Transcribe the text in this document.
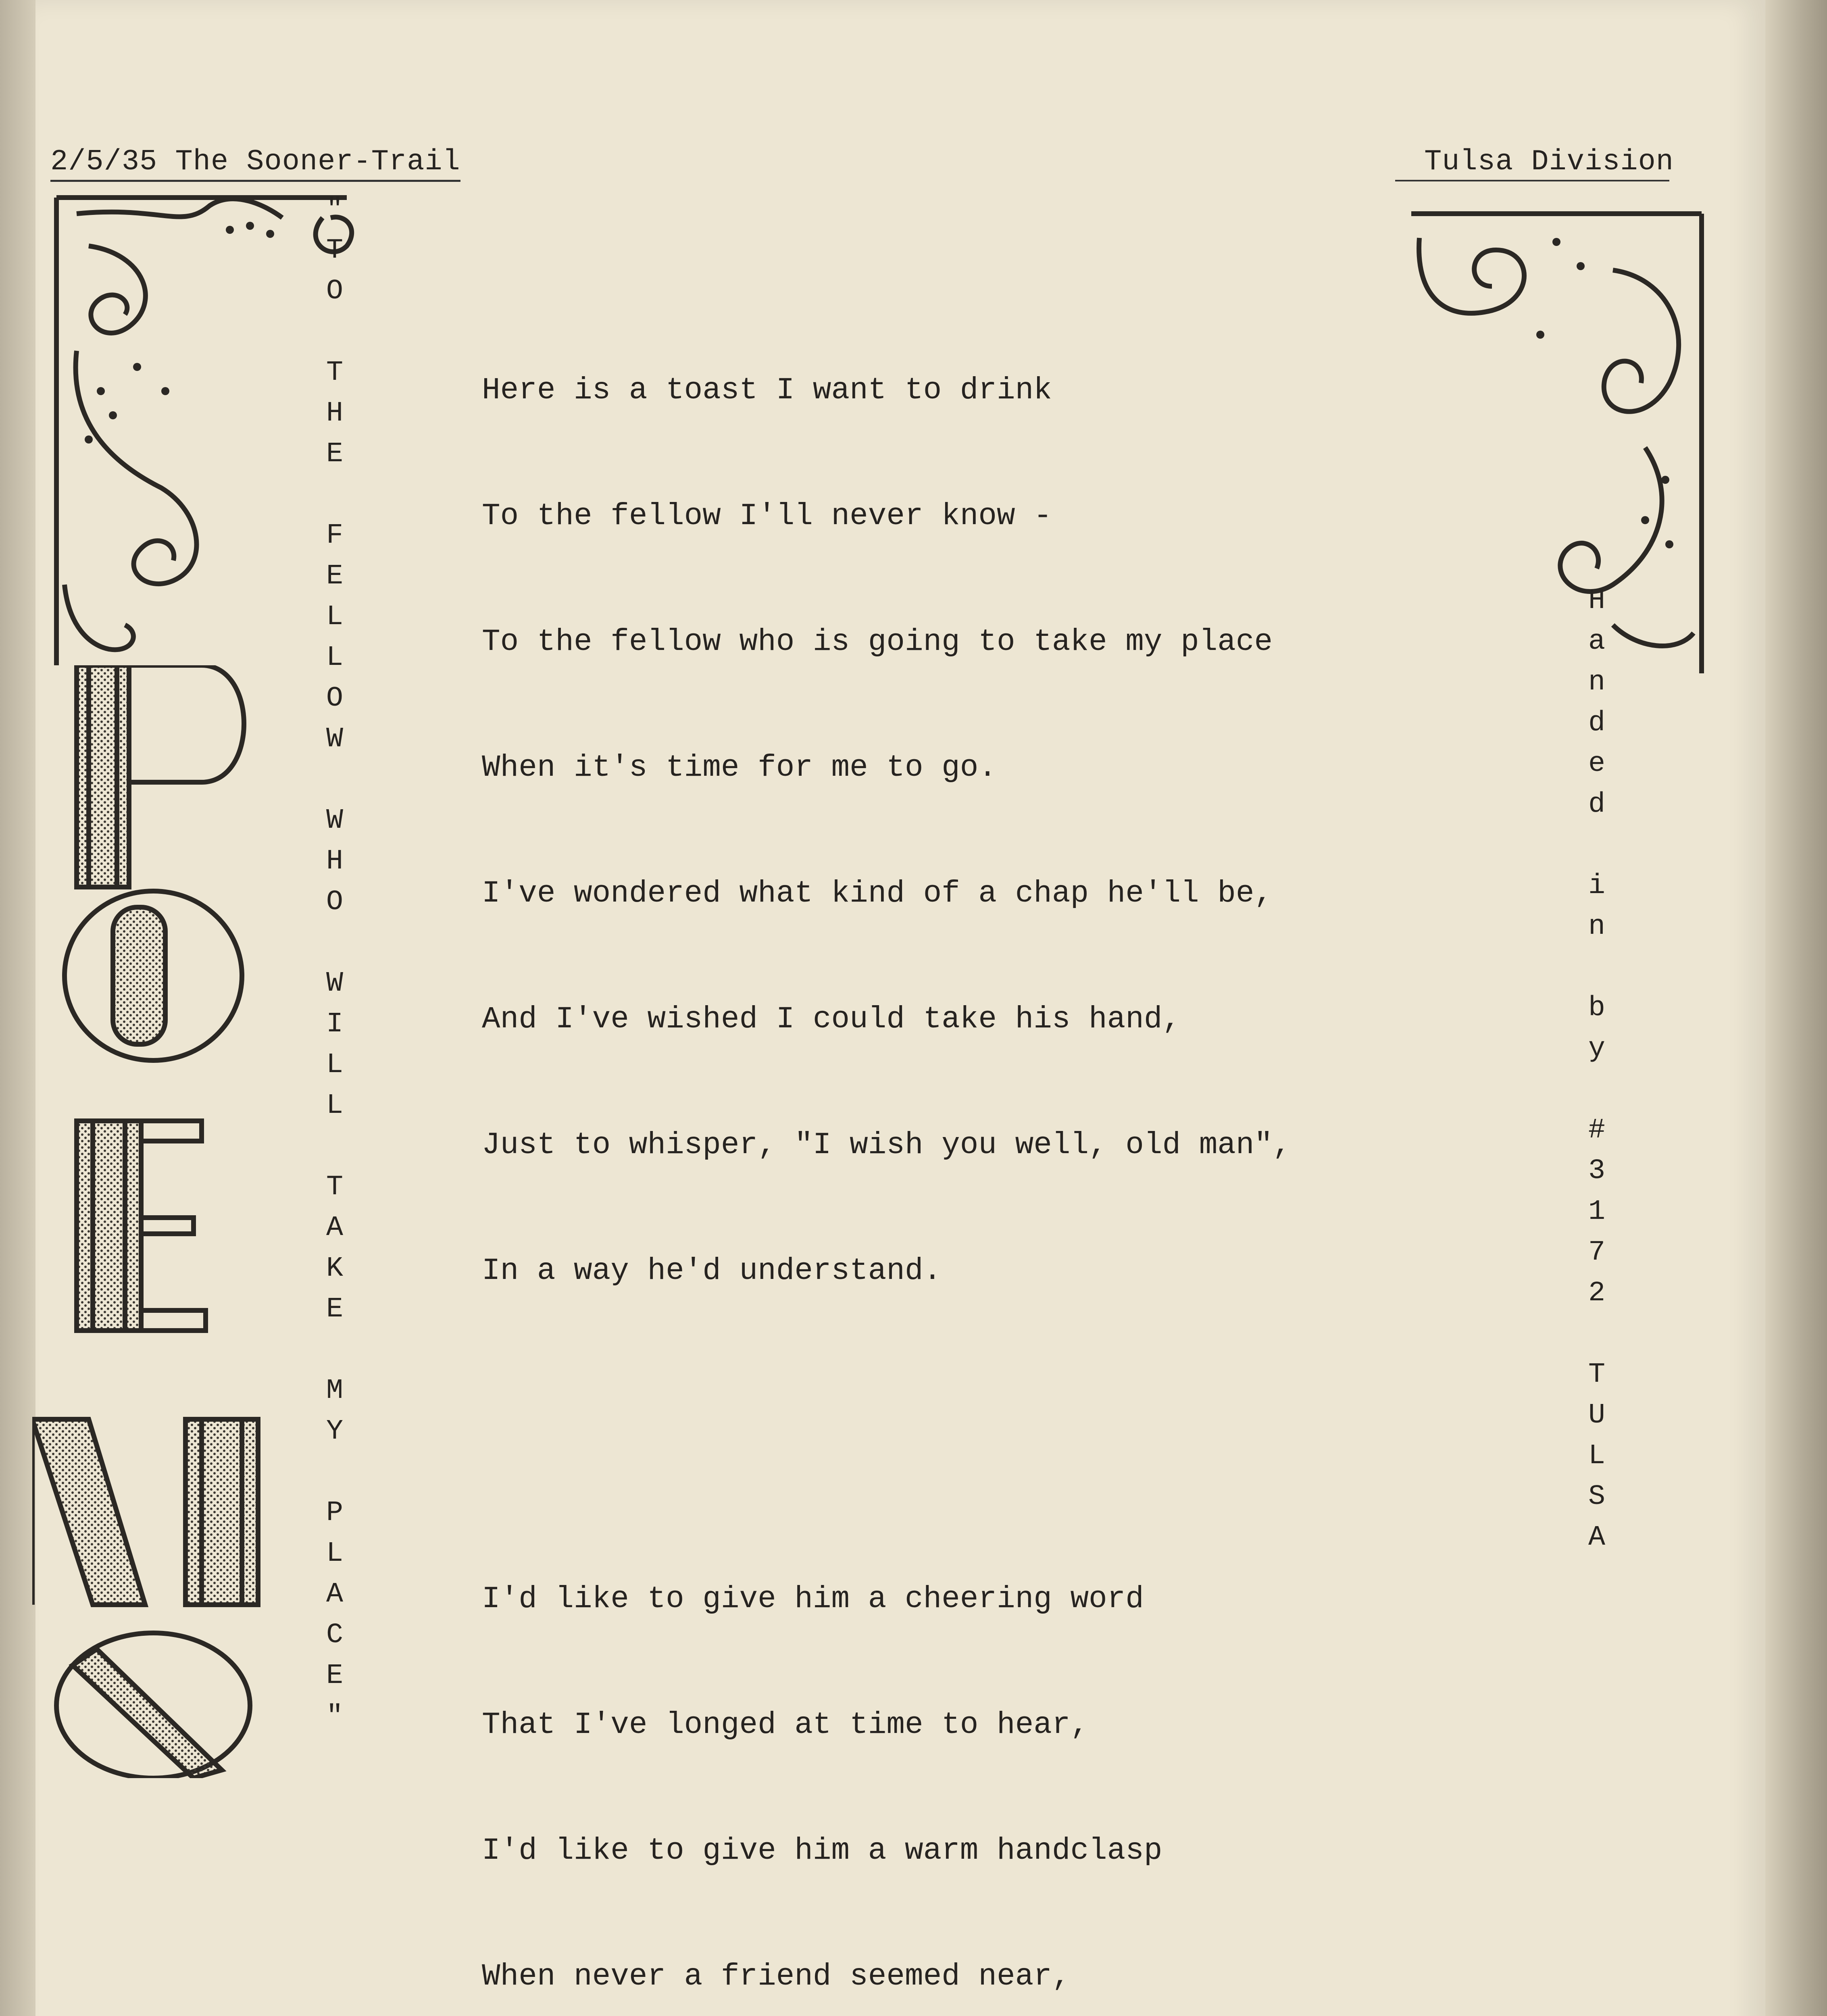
2/5/35 The Sooner-Trail	Tulsa Division
"
T
O
T
H
E
F
E
L
L
O
W
W
H
O
W
I
L
L
T
A
K
E
M
Y
P
L
A
C
E
"
H
a
n
d
e
d
i
n
b
y
#
3
1
7
2
T
U
L
S
A

Here is a toast I want to drink

To the fellow I'll never know -

To the fellow who is going to take my place

When it's time for me to go.

I've wondered what kind of a chap he'll be,

And I've wished I could take his hand,

Just to whisper, "I wish you well, old man",

In a way he'd understand.

I'd like to give him a cheering word

That I've longed at time to hear,

I'd like to give him a warm handclasp

When never a friend seemed near,
